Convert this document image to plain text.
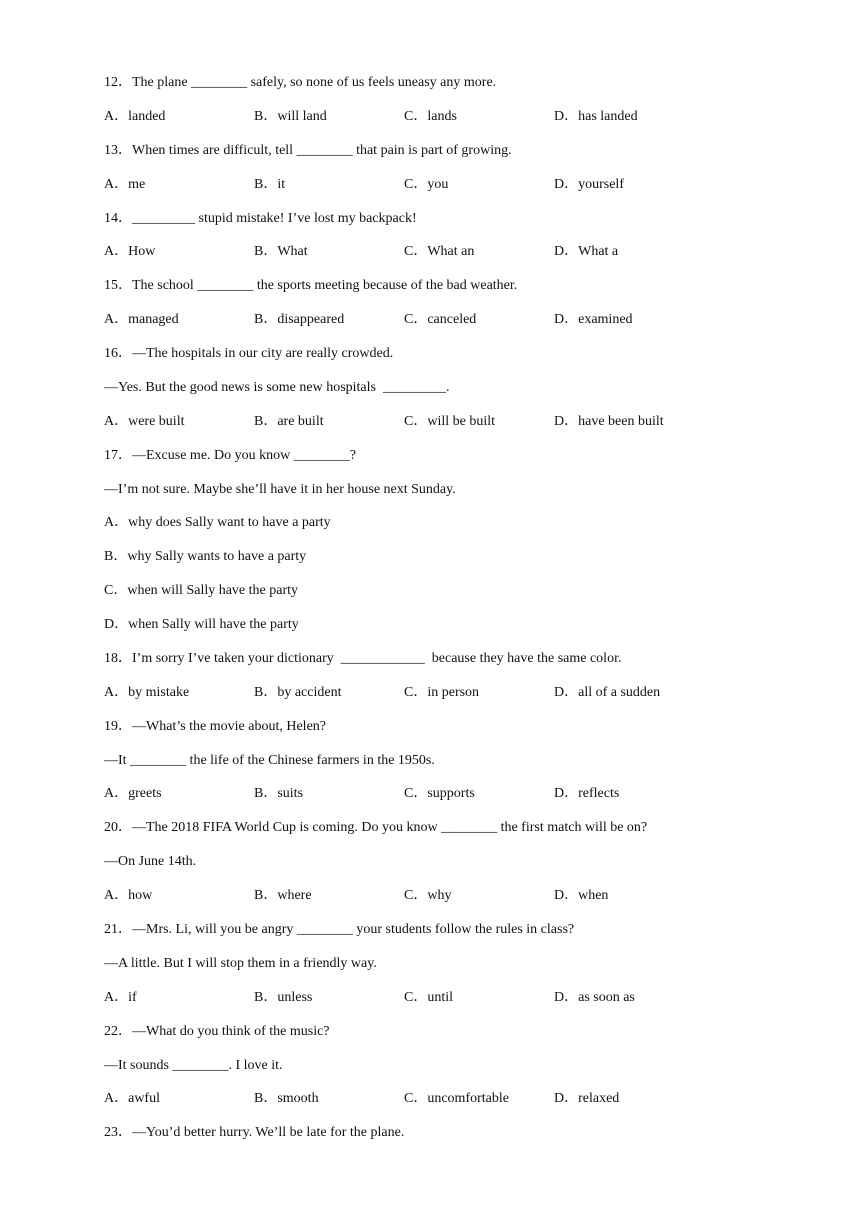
12．The plane ________ safely, so none of us feels uneasy any more.
A．landed	B．will land	C．lands	D．has landed
13．When times are difficult, tell ________ that pain is part of growing.
A．me	B．it	C．you	D．yourself
14．_________ stupid mistake! I’ve lost my backpack!
A．How	B．What	C．What an	D．What a
15．The school ________ the sports meeting because of the bad weather.
A．managed	B．disappeared	C．canceled	D．examined
16．—The hospitals in our city are really crowded.
—Yes. But the good news is some new hospitals  _________.
A．were built	B．are built	C．will be built	D．have been built
17．—Excuse me. Do you know ________?
—I’m not sure. Maybe she’ll have it in her house next Sunday.
A．why does Sally want to have a party
B．why Sally wants to have a party
C．when will Sally have the party
D．when Sally will have the party
18．I’m sorry I’ve taken your dictionary  ____________  because they have the same color.
A．by mistake	B．by accident	C．in person	D．all of a sudden
19．—What’s the movie about, Helen?
—It ________ the life of the Chinese farmers in the 1950s.
A．greets	B．suits	C．supports	D．reflects
20．—The 2018 FIFA World Cup is coming. Do you know ________ the first match will be on?
—On June 14th.
A．how	B．where	C．why	D．when
21．—Mrs. Li, will you be angry ________ your students follow the rules in class?
—A little. But I will stop them in a friendly way.
A．if	B．unless	C．until	D．as soon as
22．—What do you think of the music?
—It sounds ________. I love it.
A．awful	B．smooth	C．uncomfortable	D．relaxed
23．—You’d better hurry. We’ll be late for the plane.
